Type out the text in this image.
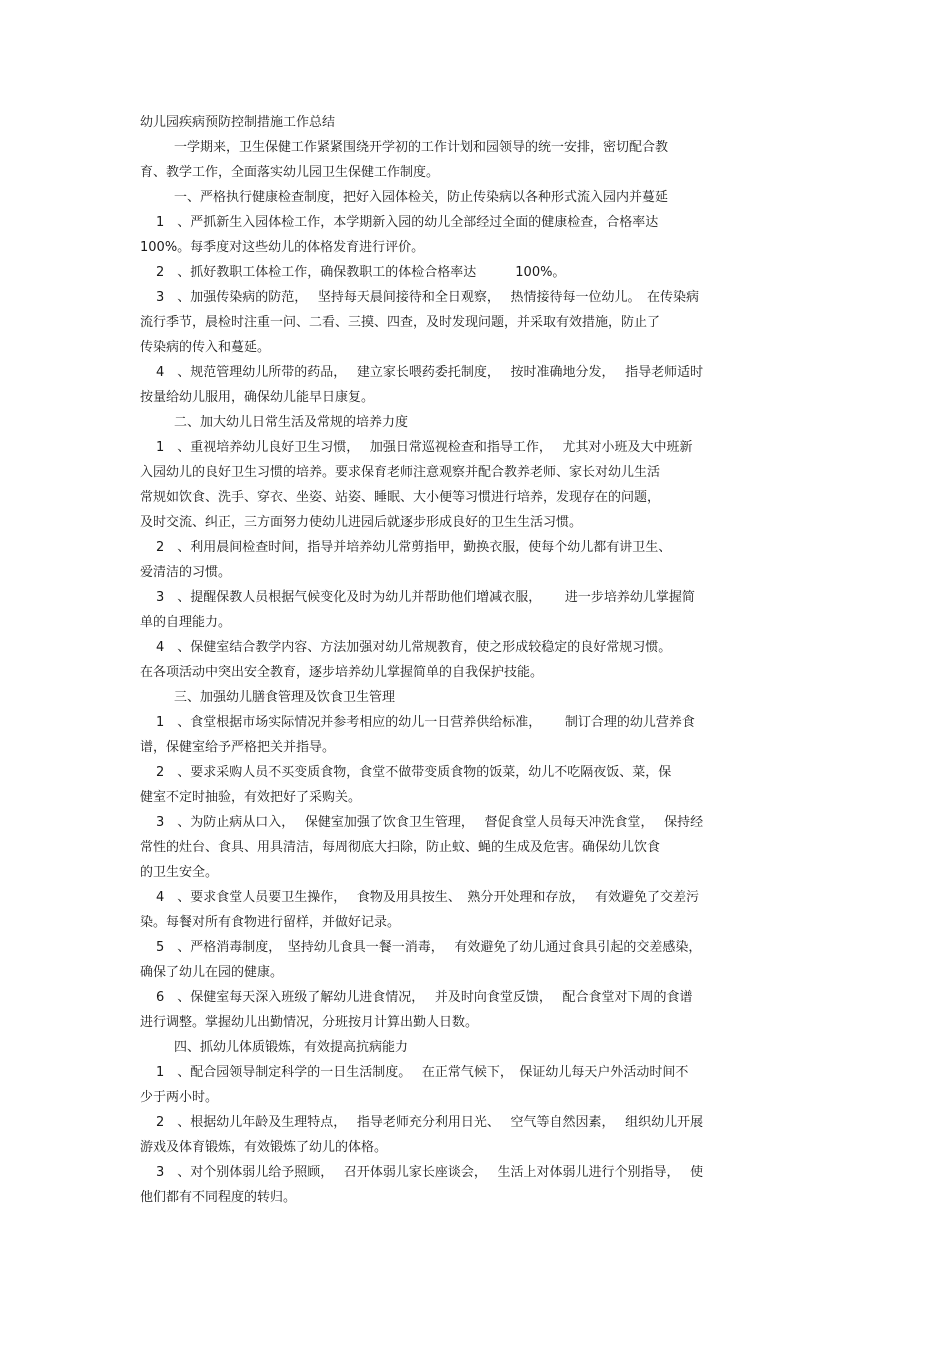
幼儿园疾病预防控制措施工作总结
一学期来，卫生保健工作紧紧围绕开学初的工作计划和园领导的统一安排，密切配合教
育、教学工作，全面落实幼儿园卫生保健工作制度。
一、严格执行健康检查制度，把好入园体检关，防止传染病以各种形式流入园内并蔓延
1　、严抓新生入园体检工作，本学期新入园的幼儿全部经过全面的健康检查，合格率达
100%。每季度对这些幼儿的体格发育进行评价。
2　、抓好教职工体检工作，确保教职工的体检合格率达　　　100%。
3　、加强传染病的防范，　 坚持每天晨间接待和全日观察，　 热情接待每一位幼儿。　在传染病
流行季节，晨检时注重一问、二看、三摸、四查，及时发现问题，并采取有效措施，防止了
传染病的传入和蔓延。
4　、规范管理幼儿所带的药品，　 建立家长喂药委托制度，　 按时准确地分发，　 指导老师适时
按量给幼儿服用，确保幼儿能早日康复。
二、加大幼儿日常生活及常规的培养力度
1　、重视培养幼儿良好卫生习惯，　 加强日常巡视检查和指导工作，　 尤其对小班及大中班新
入园幼儿的良好卫生习惯的培养。要求保育老师注意观察并配合教养老师、家长对幼儿生活
常规如饮食、洗手、穿衣、坐姿、站姿、睡眠、大小便等习惯进行培养，发现存在的问题，
及时交流、纠正，三方面努力使幼儿进园后就逐步形成良好的卫生生活习惯。
2　、利用晨间检查时间，指导并培养幼儿常剪指甲，勤换衣服，使每个幼儿都有讲卫生、
爱清洁的习惯。
3　、提醒保教人员根据气候变化及时为幼儿并帮助他们增减衣服，　　 进一步培养幼儿掌握简
单的自理能力。
4　、保健室结合教学内容、方法加强对幼儿常规教育，使之形成较稳定的良好常规习惯。
在各项活动中突出安全教育，逐步培养幼儿掌握简单的自我保护技能。
三、加强幼儿膳食管理及饮食卫生管理
1　、食堂根据市场实际情况并参考相应的幼儿一日营养供给标准，　　 制订合理的幼儿营养食
谱，保健室给予严格把关并指导。
2　、要求采购人员不买变质食物，食堂不做带变质食物的饭菜，幼儿不吃隔夜饭、菜，保
健室不定时抽验，有效把好了采购关。
3　、为防止病从口入，　 保健室加强了饮食卫生管理，　 督促食堂人员每天冲洗食堂，　 保持经
常性的灶台、食具、用具清洁，每周彻底大扫除，防止蚊、蝇的生成及危害。确保幼儿饮食
的卫生安全。
4　、要求食堂人员要卫生操作，　 食物及用具按生、　熟分开处理和存放，　 有效避免了交差污
染。每餐对所有食物进行留样，并做好记录。
5　、严格消毒制度，　坚持幼儿食具一餐一消毒，　 有效避免了幼儿通过食具引起的交差感染，
确保了幼儿在园的健康。
6　、保健室每天深入班级了解幼儿进食情况，　 并及时向食堂反馈，　 配合食堂对下周的食谱
进行调整。掌握幼儿出勤情况，分班按月计算出勤人日数。
四、抓幼儿体质锻炼，有效提高抗病能力
1　、配合园领导制定科学的一日生活制度。　 在正常气候下，　保证幼儿每天户外活动时间不
少于两小时。
2　、根据幼儿年龄及生理特点，　 指导老师充分利用日光、　 空气等自然因素，　 组织幼儿开展
游戏及体育锻炼，有效锻炼了幼儿的体格。
3　、对个别体弱儿给予照顾，　 召开体弱儿家长座谈会，　 生活上对体弱儿进行个别指导，　 使
他们都有不同程度的转归。
